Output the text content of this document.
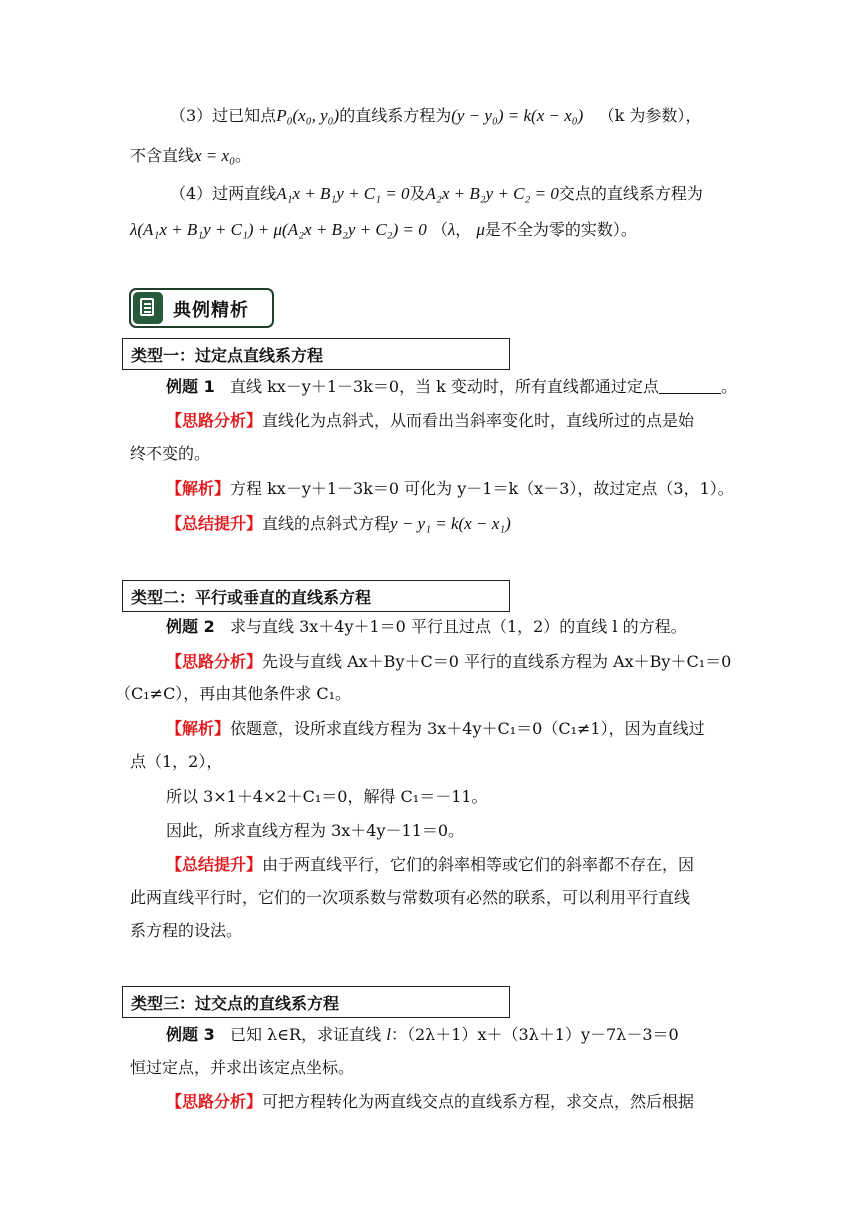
（3）过已知点P₀(x₀, y₀)的直线系方程为(y − y₀) = k(x − x₀) （k 为参数），
不含直线x = x₀。
（4）过两直线A₁x + B₁y + C₁ = 0及A₂x + B₂y + C₂ = 0交点的直线系方程为
λ(A₁x + B₁y + C₁) + μ(A₂x + B₂y + C₂) = 0 （λ， μ是不全为零的实数）。
典例精析
类型一：过定点直线系方程
例题 1 直线 kx－y＋1－3k＝0，当 k 变动时，所有直线都通过定点	。
【思路分析】直线化为点斜式，从而看出当斜率变化时，直线所过的点是始
终不变的。
【解析】方程 kx－y＋1－3k＝0 可化为 y－1＝k（x－3），故过定点（3，1）。
【总结提升】直线的点斜式方程y − y₁ = k(x − x₁)
类型二：平行或垂直的直线系方程
例题 2 求与直线 3x＋4y＋1＝0 平行且过点（1，2）的直线 l 的方程。
【思路分析】先设与直线 Ax＋By＋C＝0 平行的直线系方程为 Ax＋By＋C₁＝0
（C₁≠C），再由其他条件求 C₁。
【解析】依题意，设所求直线方程为 3x＋4y＋C₁＝0（C₁≠1），因为直线过
点（1，2），
所以 3×1＋4×2＋C₁＝0，解得 C₁＝－11。
因此，所求直线方程为 3x＋4y－11＝0。
【总结提升】由于两直线平行，它们的斜率相等或它们的斜率都不存在，因
此两直线平行时，它们的一次项系数与常数项有必然的联系，可以利用平行直线
系方程的设法。
类型三：过交点的直线系方程
例题 3 已知 λ∈R，求证直线 l：（2λ＋1）x＋（3λ＋1）y－7λ－3＝0
恒过定点，并求出该定点坐标。
【思路分析】可把方程转化为两直线交点的直线系方程，求交点，然后根据
